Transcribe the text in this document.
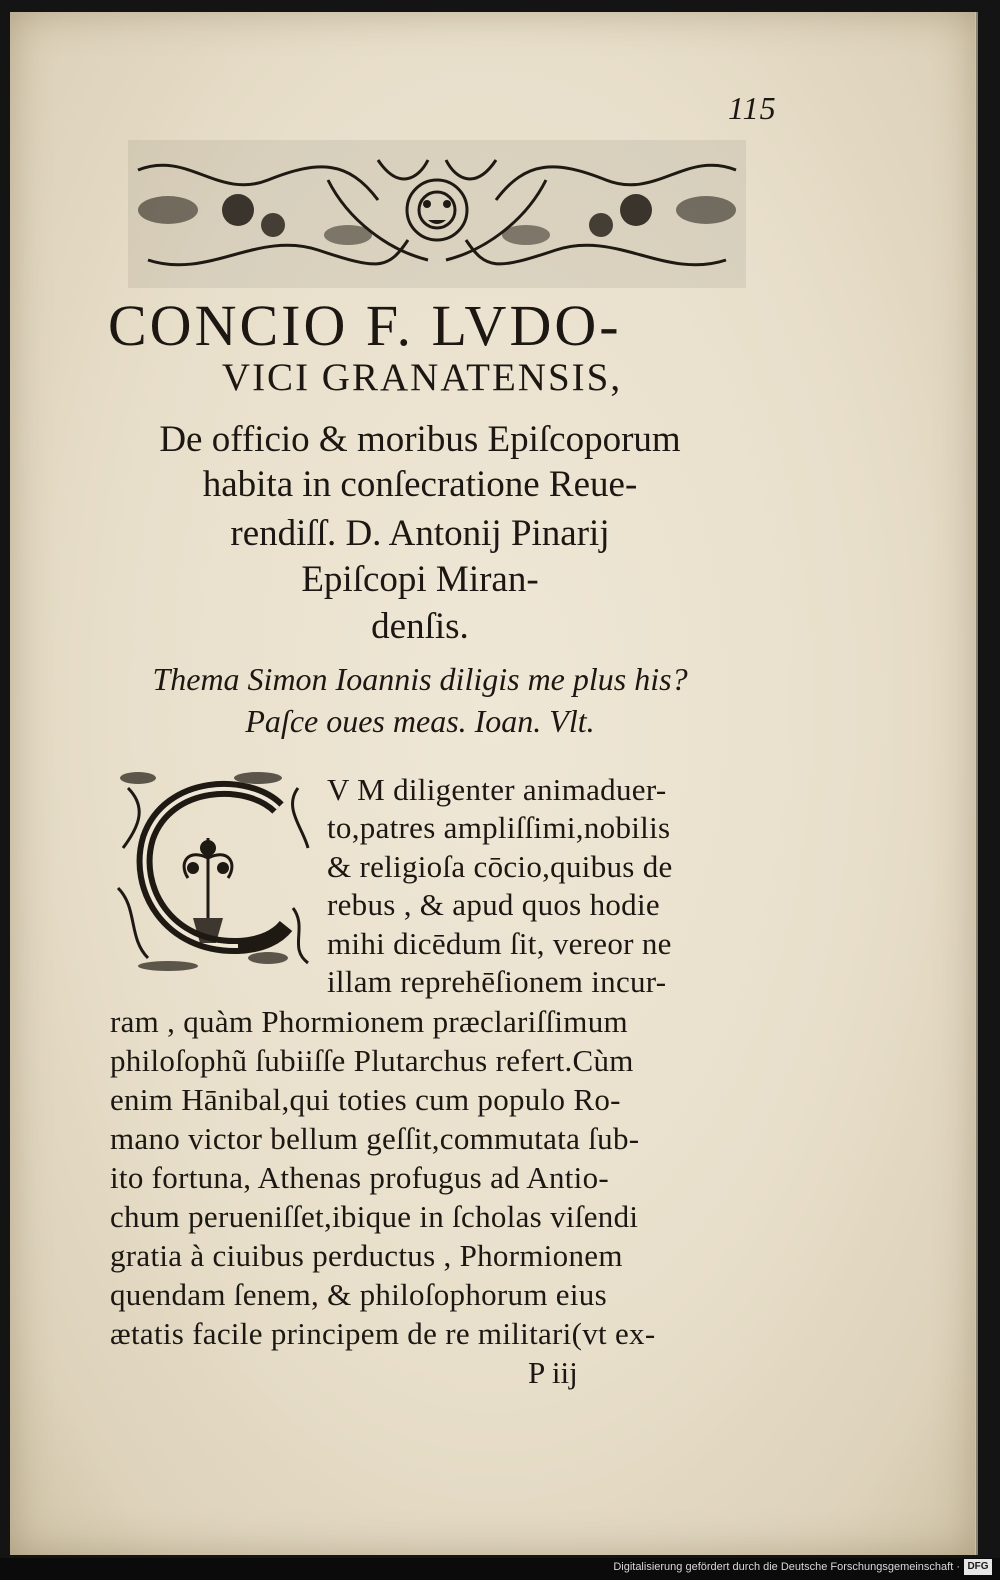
115
CONCIO F. LVDO-
VICI GRANATENSIS,
De officio & moribus Epiſcoporum
habita in conſecratione Reue-
rendiſſ. D. Antonij Pinarij
Epiſcopi Miran-
denſis.
Thema Simon Ioannis diligis me plus his?
Paſce oues meas. Ioan. Vlt.
V M diligenter animaduer-
to,patres ampliſſimi,nobilis
& religioſa cōcio,quibus de
rebus , & apud quos hodie
mihi dicēdum ſit, vereor ne
illam reprehēſionem incur-
ram , quàm Phormionem præclariſſimum
philoſophũ ſubiiſſe Plutarchus refert.Cùm
enim Hānibal,qui toties cum populo Ro-
mano victor bellum geſſit,commutata ſub-
ito fortuna, Athenas profugus ad Antio-
chum perueniſſet,ibique in ſcholas viſendi
gratia à ciuibus perductus , Phormionem
quendam ſenem, & philoſophorum eius
ætatis facile principem de re militari(vt ex-
P iij
Digitalisierung gefördert durch die Deutsche Forschungsgemeinschaft · DFG
